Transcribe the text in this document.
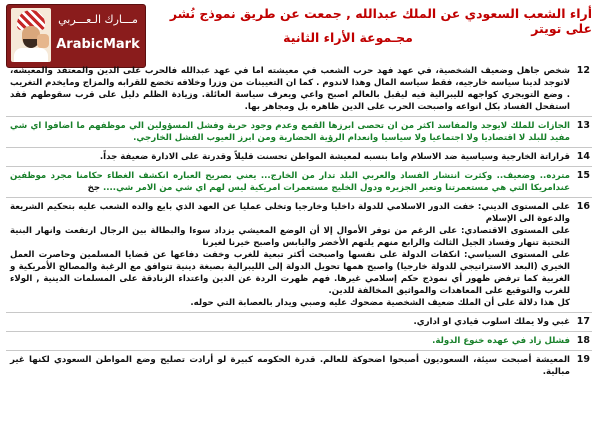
مـــارك الـعـــربي
ArabicMark
أراء الشعب السعودي عن الملك عبدالله , جمعت عن طريق نموذج نُشر على تويتر
مجـموعة الأراء الثانية
12
شخص جاهل وضعيف الشخصية، في عهد فهد حرب الشعب في معيشته اما في عهد عبدالله فالحرب على الدين والمعتقد والمعيشه، لاتوجد لدينا سياسه خارجيه، فقط سياسه المال وهذا لاندوم . كما ان التعيينات من وزرا وخلافه تخضع للقرابه والمزاج ومايخدم التغريب . وضع التويجري كواجهه لليبرالية فيه ليقبل بالعالم اصبح واعي ويعرف سياسة العائلة. وزيادة الظلم دليل على قرب سقوطهم فقد استفحل الفساد بكل انواعه واصبحت الحرب على الدين ظاهره بل ومجاهر بها.
13
الجازات للملك لايوجد والمفاسد اكثر من ان تحصى ابرزها القمع وعدم وجود حرية وفشل المسؤولين الي موظفهم ما اضافوا اي شي مفيد للبلد لا اقتصاديا ولا اجتماعيا ولا سياسيا وانعدام الرؤية الحضارية ومن ابرز العيوب الفشل الخارجي.
14
قراراتة الخارجية وسياسية ضد الاسلام واما بنسبه لمعيشة المواطن تحسنت قليلاً وقدرتة على الادارة ضعيفة جداً.
15
مترده.. وضعيف.. وكثرت انتشار الفساد والعربي البلد تدار من الخارج... يعني بصريح العباره انكشف الغطاء حكامنا مجرد موظفين عندامريكا التي هي مستعمرتنا وتعبر الجزيره ودول الخليج مستعمرات امريكية ليس لهم اي شي من الامر شي.... جخ
16
على المستوى الديني: خفت الدور الاسلامي للدولة داخليا وخارجيا وتخلى عمليا عن العهد الذي بايع والده الشعب عليه بتحكيم الشريعة والدعوة الى الإسلام
على المستوى الاقتصادي: على الرغم من توفر الأموال إلا أن الوضع المعيشي يزداد سوءا والبطالة بين الرجال ارتفعت وانهار البنية التحتية تنهار وفساد الجيل الثالث والرابع منهم يلتهم الأخضر واليابس واصبح خيرنا لغيرنا
على المستوى السياسي: انكفات الدولة على نفسها واصبحت أكثر تبعية للغرب وخفت دفاعها عن قضايا المسلمين وحاصرت العمل الخيري (البعد الاستراتيجي للدولة خارجيا) واصبح همها تحويل الدولة إلى الليبرالية بصبغة دينية تتوافق مع الرغبة والمصالح الأمريكية و الغربية كما ترفض ظهور أي نموذج حكم إسلامي غيرها. فهم ظهرت الردة عن الدين واعتداء الزنادقة على المسلمات الدينية , الولاء للغرب والتوقيع على المعاهدات والمواثيق المخالفة للدين.
كل هذا دلالة على أن الملك ضعيف الشخصية مضحوك عليه وصبي ويدار بالعصابة التي حوله.
17
غبي ولا يملك اسلوب قيادي او اداري.
18
فشلل زاد في عهده خنوع الدولة.
19
المعيشة أصبحت سيئة، السعوديون أصبحوا اضحوكة للعالم. قدرة الحكومه كبيرة لو أرادت تصليح وضع المواطن السعودي لكنها غير مبالية.
